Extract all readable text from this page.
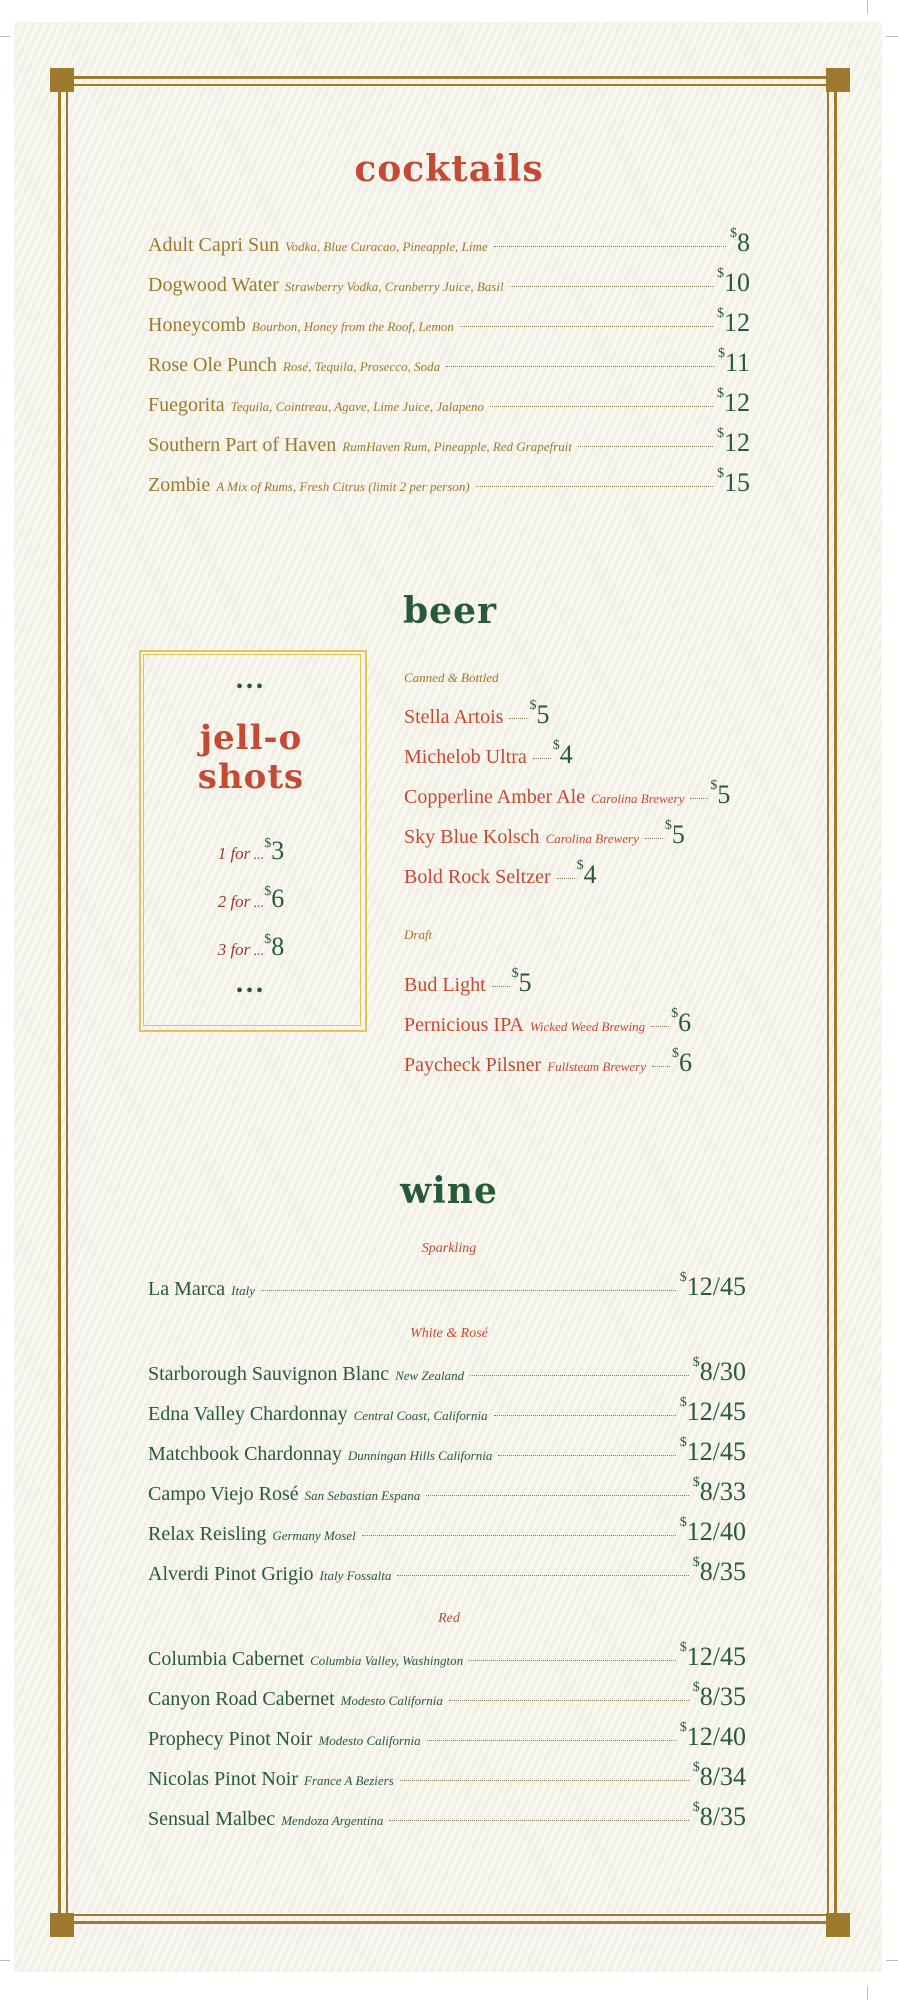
cocktails
Adult Capri Sun Vodka, Blue Curacao, Pineapple, Lime
$8
Dogwood Water Strawberry Vodka, Cranberry Juice, Basil
$10
Honeycomb Bourbon, Honey from the Roof, Lemon
$12
Rose Ole Punch Rosé, Tequila, Prosecco, Soda
$11
Fuegorita Tequila, Cointreau, Agave, Lime Juice, Jalapeno
$12
Southern Part of Haven RumHaven Rum, Pineapple, Red Grapefruit
$12
Zombie A Mix of Rums, Fresh Citrus (limit 2 per person)
$15
•••
jell-o
shots
1 for ...$3
2 for ...$6
3 for ...$8
•••
beer
Canned & Bottled
Stella Artois
$5
Michelob Ultra
$4
Copperline Amber Ale Carolina Brewery
$5
Sky Blue Kolsch Carolina Brewery
$5
Bold Rock Seltzer
$4
Draft
Bud Light
$5
Pernicious IPA Wicked Weed Brewing
$6
Paycheck Pilsner Fullsteam Brewery
$6
wine
Sparkling
La Marca Italy
$12/45
White & Rosé
Starborough Sauvignon Blanc New Zealand
$8/30
Edna Valley Chardonnay Central Coast, California
$12/45
Matchbook Chardonnay Dunningan Hills California
$12/45
Campo Viejo Rosé San Sebastian Espana
$8/33
Relax Reisling Germany Mosel
$12/40
Alverdi Pinot Grigio Italy Fossalta
$8/35
Red
Columbia Cabernet Columbia Valley, Washington
$12/45
Canyon Road Cabernet Modesto California
$8/35
Prophecy Pinot Noir Modesto California
$12/40
Nicolas Pinot Noir France A Beziers
$8/34
Sensual Malbec Mendoza Argentina
$8/35
